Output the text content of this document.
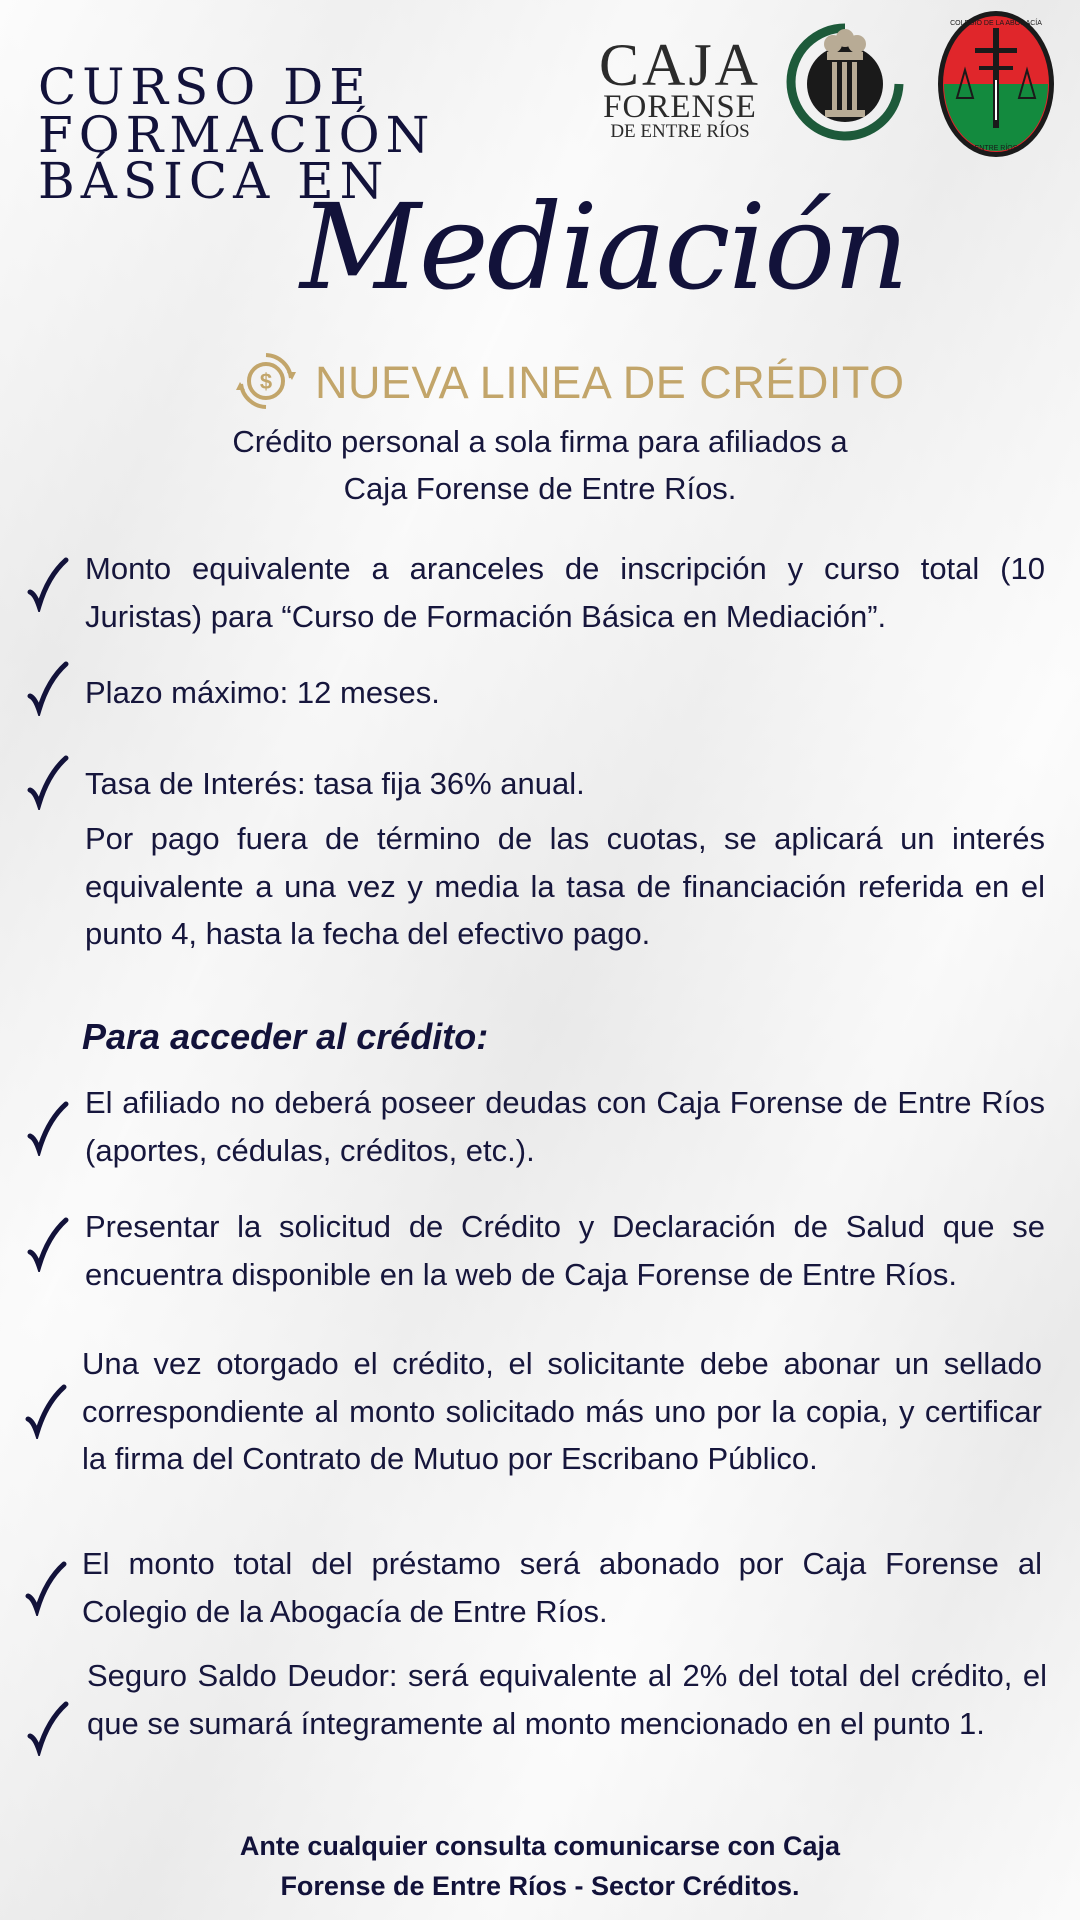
CURSO DE
FORMACIÓN
BÁSICA EN
Mediación
CAJA
FORENSE
DE ENTRE RÍOS
COLEGIO DE LA ABOGACÍA
ENTRE RÍOS
$ NUEVA LINEA DE CRÉDITO
Crédito personal a sola firma para afiliados a
Caja Forense de Entre Ríos.
Monto equivalente a aranceles de inscripción y curso total (10 Juristas) para “Curso de Formación Básica en Mediación”.
Plazo máximo: 12 meses.
Tasa de Interés: tasa fija 36% anual.
Por pago fuera de término de las cuotas, se aplicará un interés equivalente a una vez y media la tasa de financiación referida en el punto 4, hasta la fecha del efectivo pago.
Para acceder al crédito:
El afiliado no deberá poseer deudas con Caja Forense de Entre Ríos (aportes, cédulas, créditos, etc.).
Presentar la solicitud de Crédito y Declaración de Salud que se encuentra disponible en la web de Caja Forense de Entre Ríos.
Una vez otorgado el crédito, el solicitante debe abonar un sellado correspondiente al monto solicitado más uno por la copia, y certificar la firma del Contrato de Mutuo por Escribano Público.
El monto total del préstamo será abonado por Caja Forense al Colegio de la Abogacía de Entre Ríos.
Seguro Saldo Deudor: será equivalente al 2% del total del crédito, el que se sumará íntegramente al monto mencionado en el punto 1.
Ante cualquier consulta comunicarse con Caja
Forense de Entre Ríos - Sector Créditos.
